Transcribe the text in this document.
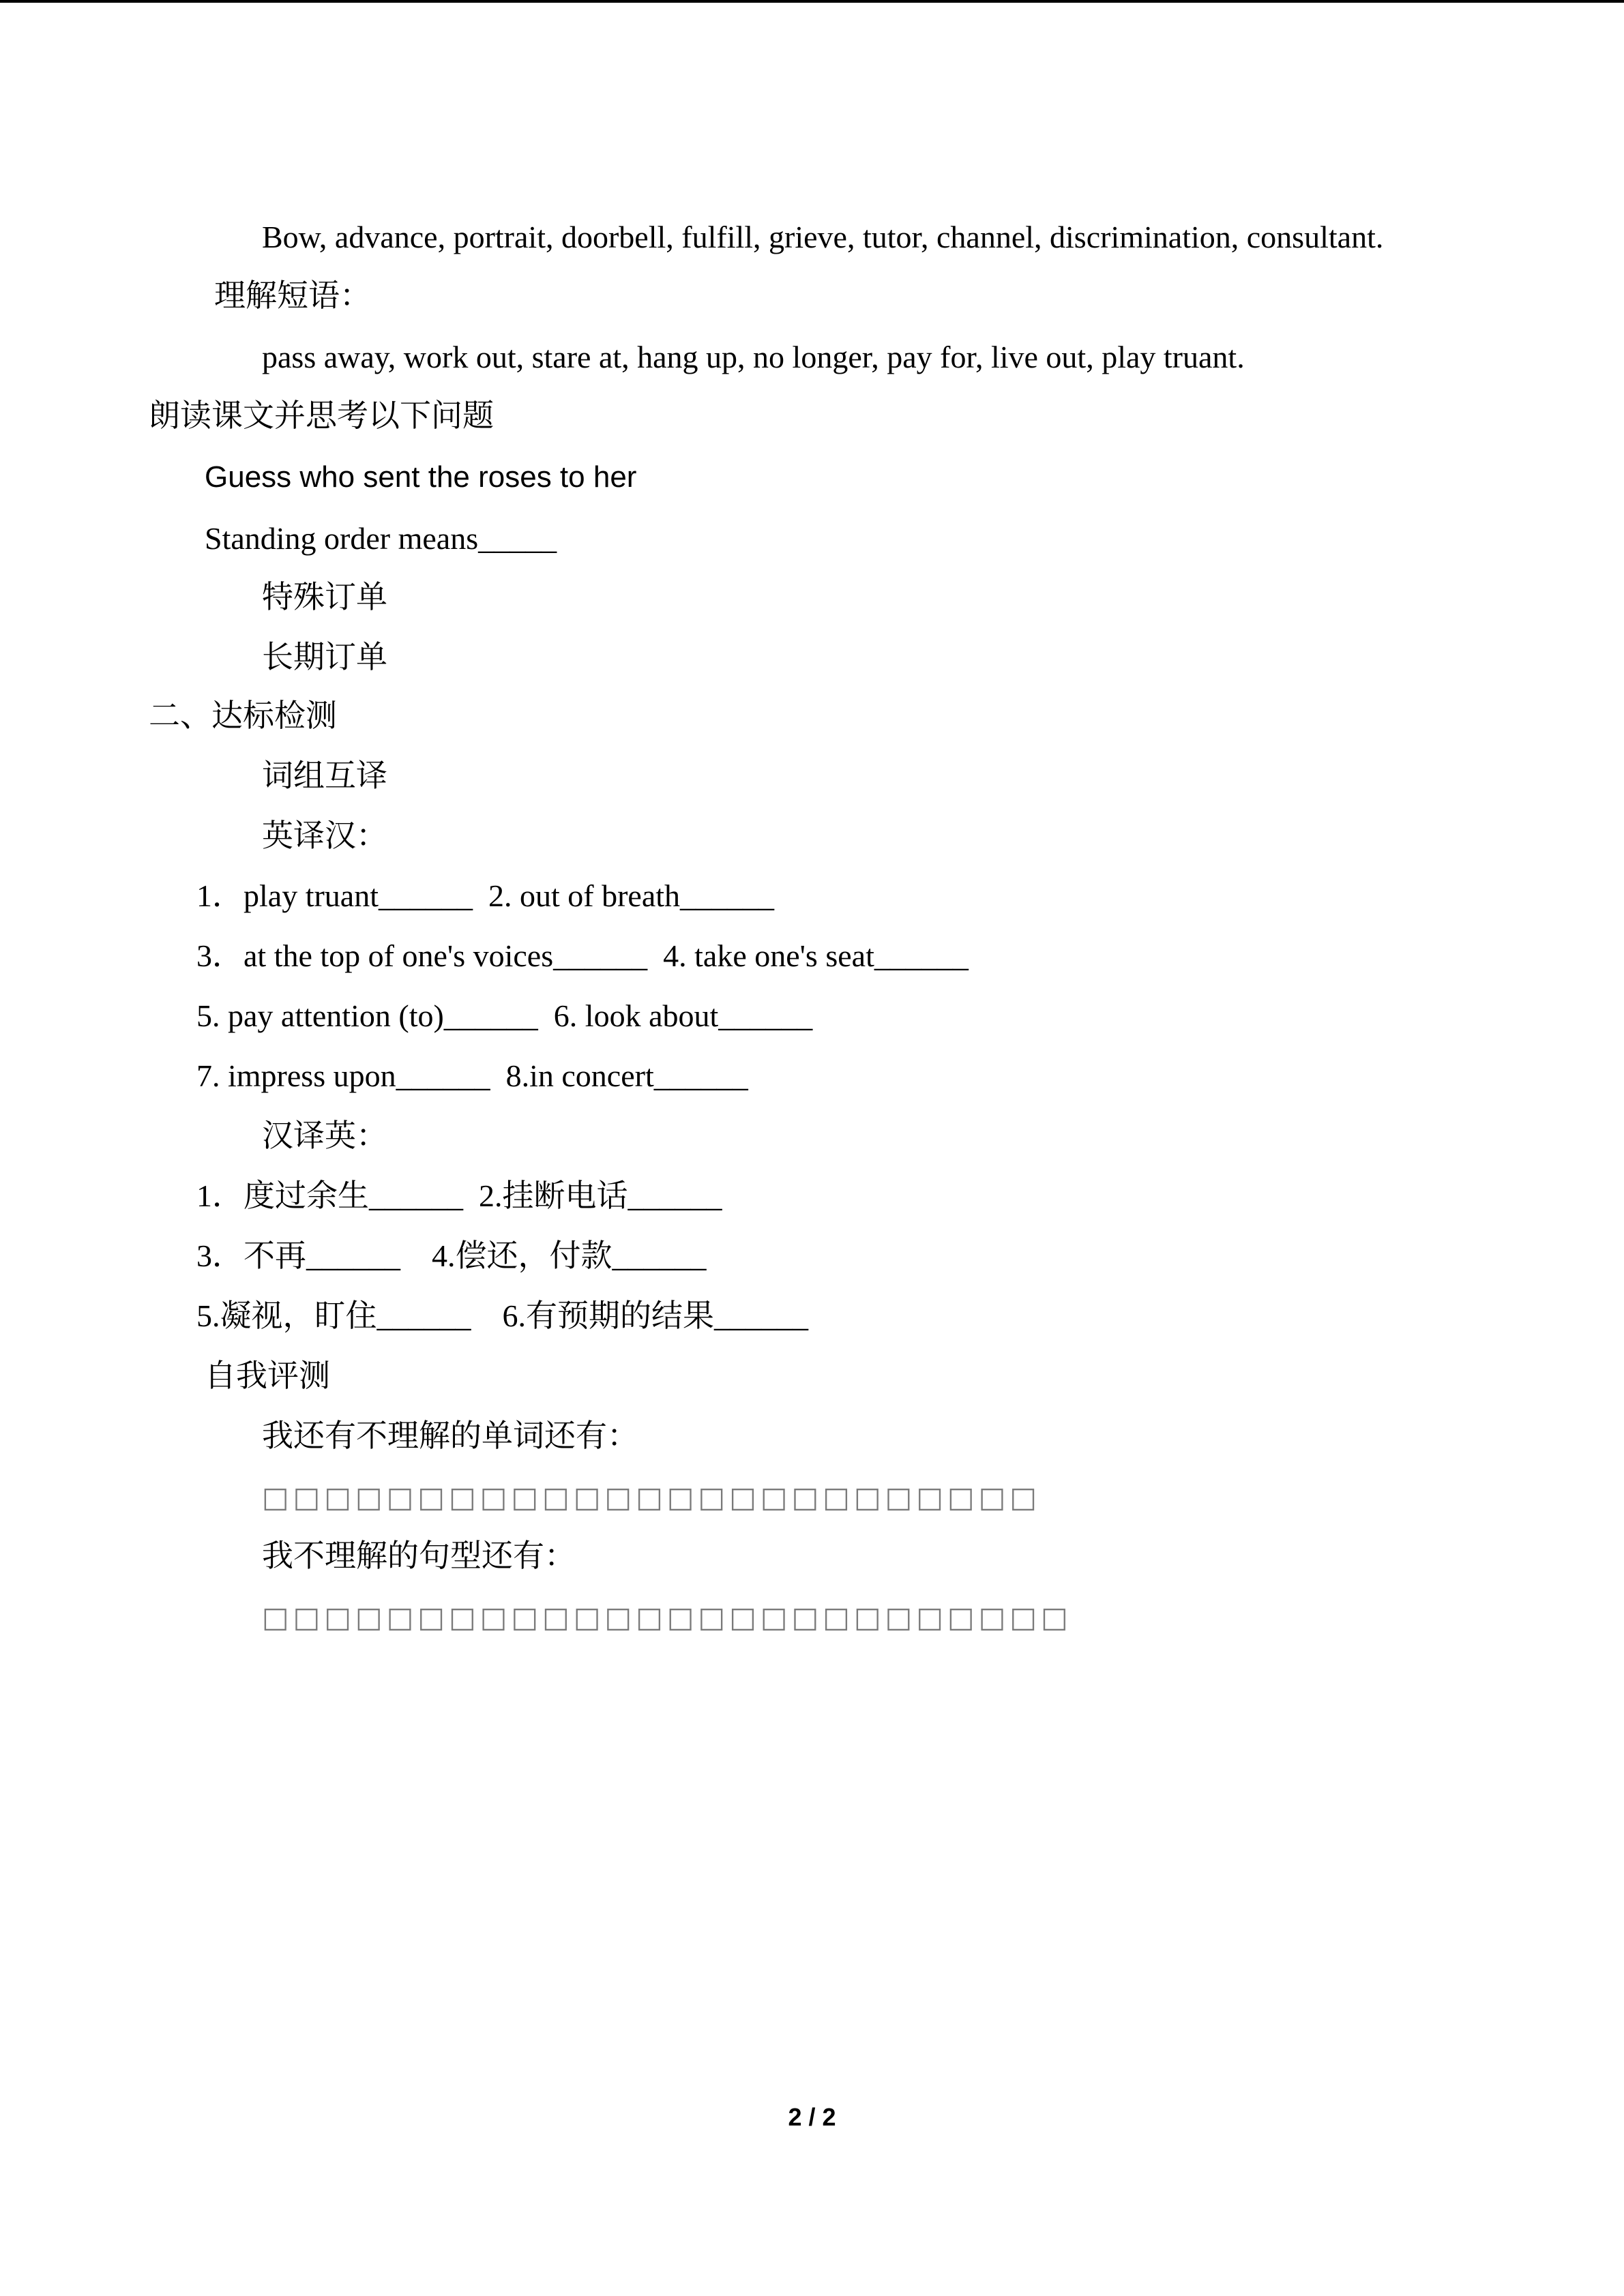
Bow, advance, portrait, doorbell, fulfill, grieve, tutor, channel, discrimination, consultant.
理解短语：
pass away, work out, stare at, hang up, no longer, pay for, live out, play truant.
朗读课文并思考以下问题
Guess who sent the roses to her
Standing order means_____
特殊订单
长期订单
二、达标检测
词组互译
英译汉：
1．play truant______  2. out of breath______
3．at the top of one's voices______  4. take one's seat______
5. pay attention (to)______  6. look about______
7. impress upon______  8.in concert______
汉译英：
1．度过余生______  2.挂断电话______
3．不再______    4.偿还，付款______
5.凝视，盯住______    6.有预期的结果______
自我评测
我还有不理解的单词还有：
□□□□□□□□□□□□□□□□□□□□□□□□□
我不理解的句型还有：
□□□□□□□□□□□□□□□□□□□□□□□□□□
2 / 2
